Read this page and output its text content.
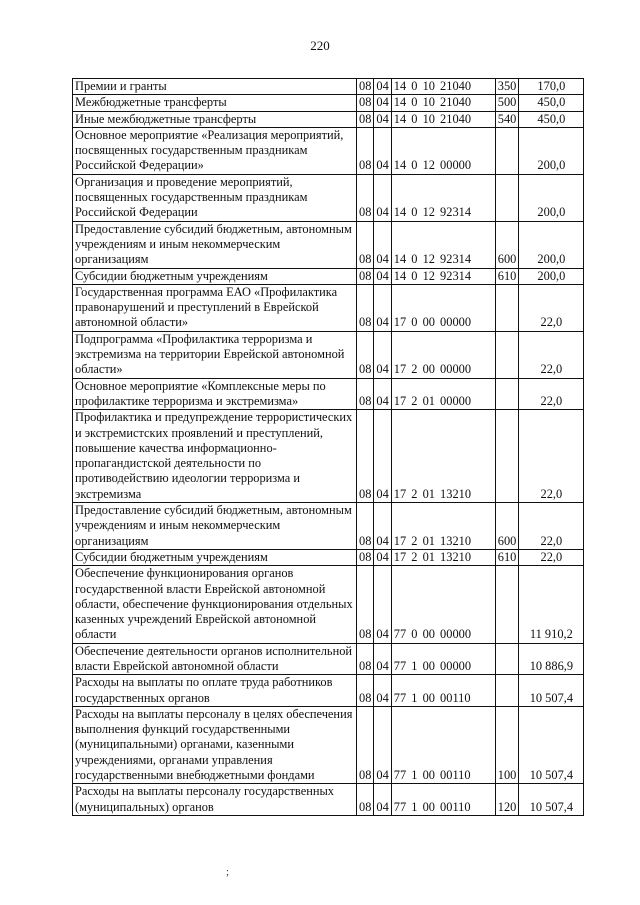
220
Премии и гранты	08	04	14 0 10 21040	350	170,0
Межбюджетные трансферты	08	04	14 0 10 21040	500	450,0
Иные межбюджетные трансферты	08	04	14 0 10 21040	540	450,0
Основное мероприятие «Реализация мероприятий, посвященных государственным праздникам Российской Федерации»	08	04	14 0 12 00000		200,0
Организация и проведение мероприятий, посвященных государственным праздникам Российской Федерации	08	04	14 0 12 92314		200,0
Предоставление субсидий бюджетным, автономным учреждениям и иным некоммерческим организациям	08	04	14 0 12 92314	600	200,0
Субсидии бюджетным учреждениям	08	04	14 0 12 92314	610	200,0
Государственная программа ЕАО «Профилактика правонарушений и преступлений в Еврейской автономной области»	08	04	17 0 00 00000		22,0
Подпрограмма «Профилактика терроризма и экстремизма на территории Еврейской автономной области»	08	04	17 2 00 00000		22,0
Основное мероприятие «Комплексные меры по профилактике терроризма и экстремизма»	08	04	17 2 01 00000		22,0
Профилактика и предупреждение террористических и экстремистских проявлений и преступлений, повышение качества информационно-пропагандистской деятельности по противодействию идеологии терроризма и экстремизма	08	04	17 2 01 13210		22,0
Предоставление субсидий бюджетным, автономным учреждениям и иным некоммерческим организациям	08	04	17 2 01 13210	600	22,0
Субсидии бюджетным учреждениям	08	04	17 2 01 13210	610	22,0
Обеспечение функционирования органов государственной власти Еврейской автономной области, обеспечение функционирования отдельных казенных учреждений Еврейской автономной области	08	04	77 0 00 00000		11 910,2
Обеспечение деятельности органов исполнительной власти Еврейской автономной области	08	04	77 1 00 00000		10 886,9
Расходы на выплаты по оплате труда работников государственных органов	08	04	77 1 00 00110		10 507,4
Расходы на выплаты персоналу в целях обеспечения выполнения функций государственными (муниципальными) органами, казенными учреждениями, органами управления государственными внебюджетными фондами	08	04	77 1 00 00110	100	10 507,4
Расходы на выплаты персоналу государственных (муниципальных) органов	08	04	77 1 00 00110	120	10 507,4
;
